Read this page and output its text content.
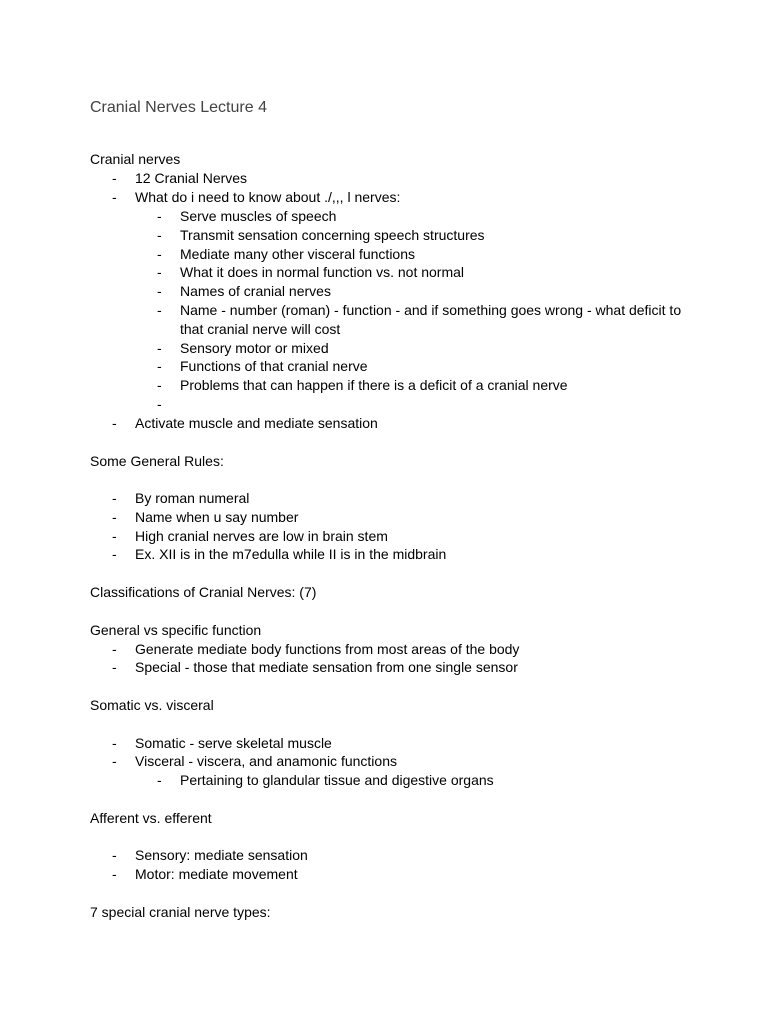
Cranial Nerves Lecture 4
Cranial nerves
- 12 Cranial Nerves
- What do i need to know about ./,,, l nerves:
- Serve muscles of speech
- Transmit sensation concerning speech structures
- Mediate many other visceral functions
- What it does in normal function vs. not normal
- Names of cranial nerves
- Name - number (roman) - function - and if something goes wrong - what deficit to
that cranial nerve will cost
- Sensory motor or mixed
- Functions of that cranial nerve
- Problems that can happen if there is a deficit of a cranial nerve
-
- Activate muscle and mediate sensation
Some General Rules:
- By roman numeral
- Name when u say number
- High cranial nerves are low in brain stem
- Ex. XII is in the m7edulla while II is in the midbrain
Classifications of Cranial Nerves: (7)
General vs specific function
- Generate mediate body functions from most areas of the body
- Special - those that mediate sensation from one single sensor
Somatic vs. visceral
- Somatic - serve skeletal muscle
- Visceral - viscera, and anamonic functions
- Pertaining to glandular tissue and digestive organs
Afferent vs. efferent
- Sensory: mediate sensation
- Motor: mediate movement
7 special cranial nerve types:
